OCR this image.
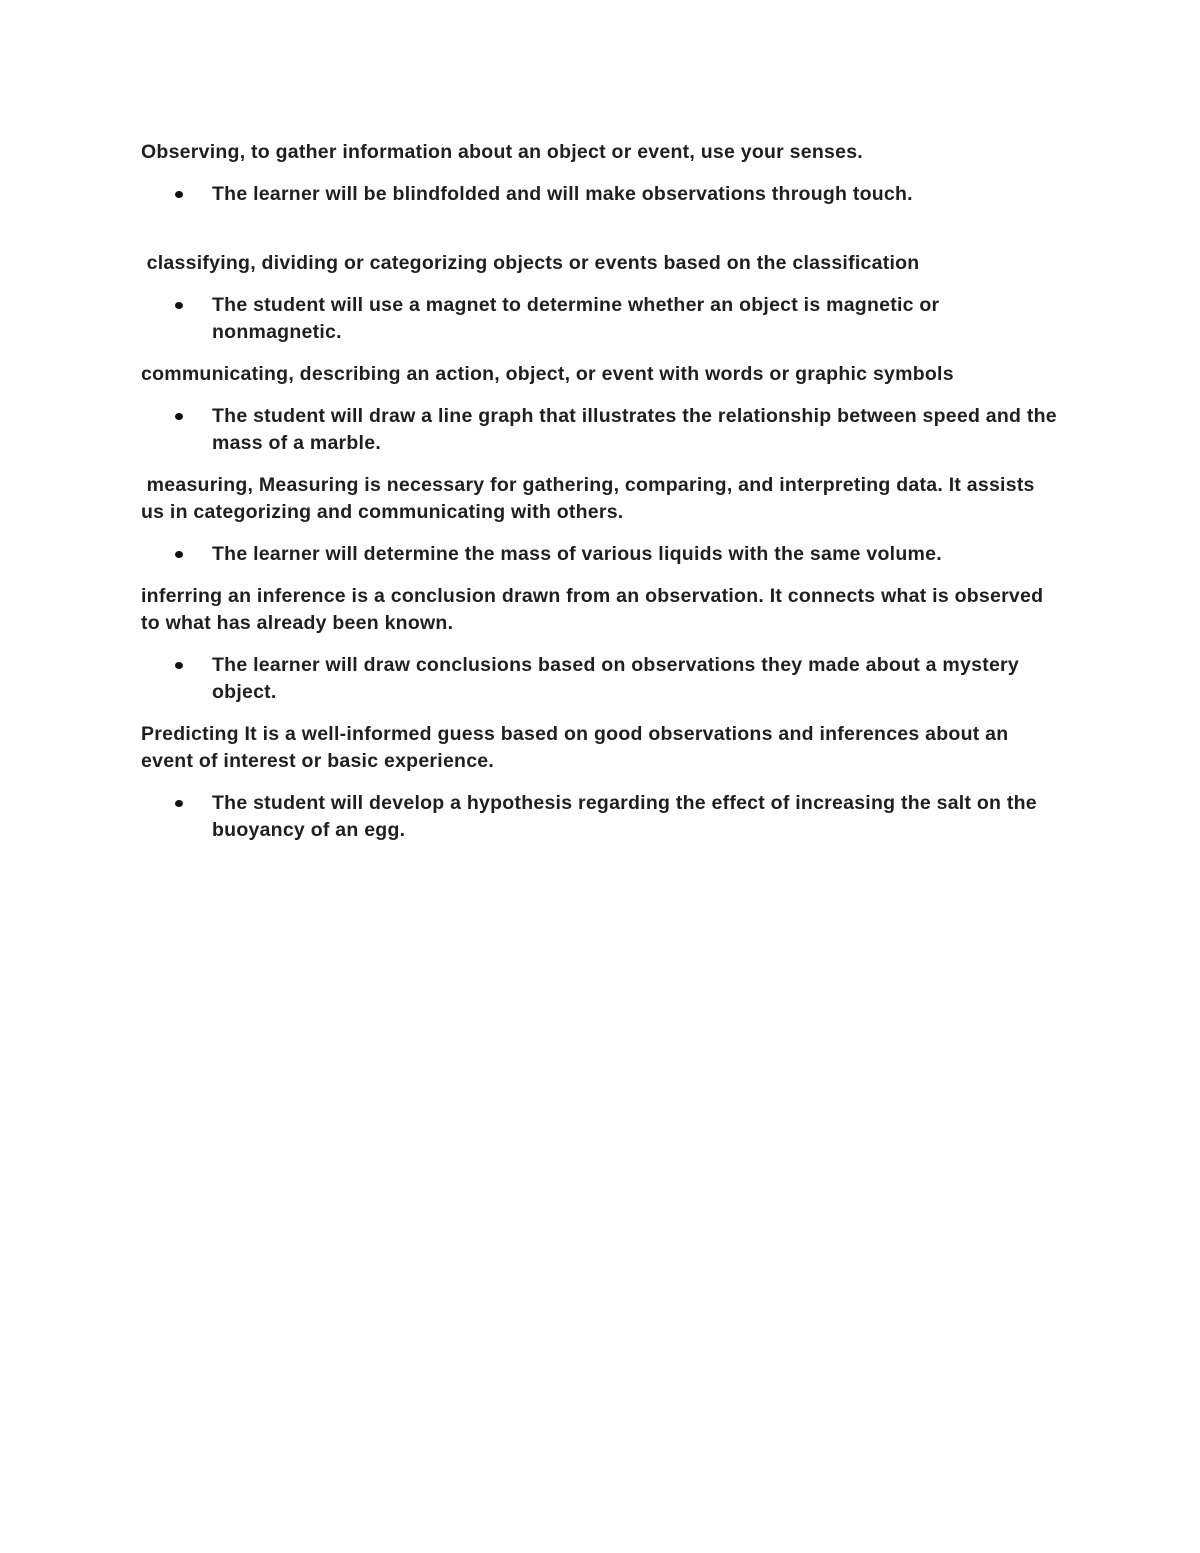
Observing, to gather information about an object or event, use your senses.

The learner will be blindfolded and will make observations through touch.

classifying, dividing or categorizing objects or events based on the classification

The student will use a magnet to determine whether an object is magnetic or nonmagnetic.

communicating, describing an action, object, or event with words or graphic symbols

The student will draw a line graph that illustrates the relationship between speed and the mass of a marble.

measuring, Measuring is necessary for gathering, comparing, and interpreting data. It assists us in categorizing and communicating with others.

The learner will determine the mass of various liquids with the same volume.

inferring an inference is a conclusion drawn from an observation. It connects what is observed to what has already been known.

The learner will draw conclusions based on observations they made about a mystery object.

Predicting It is a well-informed guess based on good observations and inferences about an event of interest or basic experience.

The student will develop a hypothesis regarding the effect of increasing the salt on the buoyancy of an egg.
